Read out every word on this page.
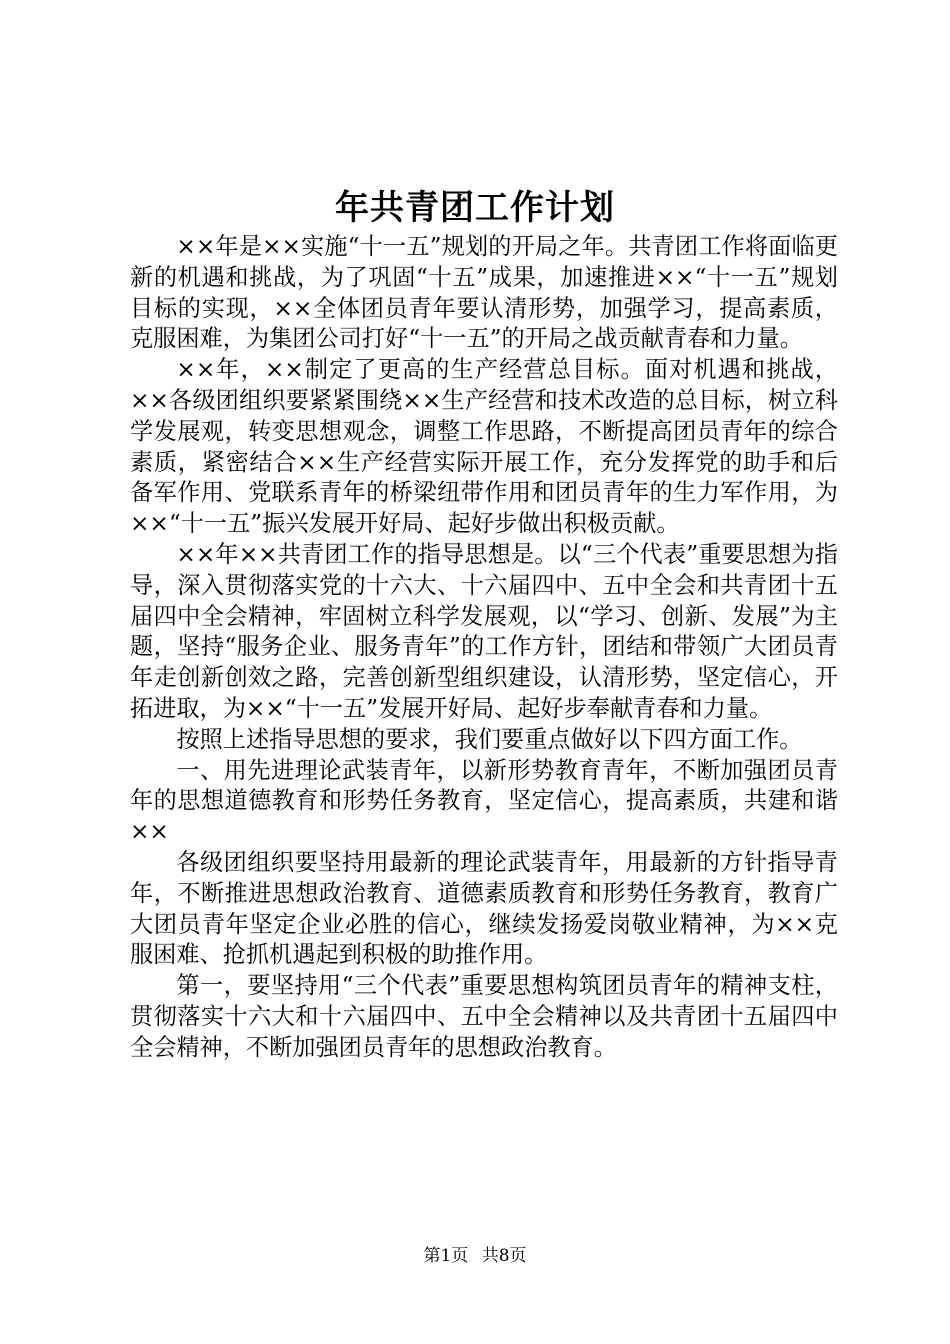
年共青团工作计划

××年是××实施“十一五”规划的开局之年。共青团工作将面临更新的机遇和挑战，为了巩固“十五”成果，加速推进××“十一五”规划目标的实现，××全体团员青年要认清形势，加强学习，提高素质，克服困难，为集团公司打好“十一五”的开局之战贡献青春和力量。

××年，××制定了更高的生产经营总目标。面对机遇和挑战，××各级团组织要紧紧围绕××生产经营和技术改造的总目标，树立科学发展观，转变思想观念，调整工作思路，不断提高团员青年的综合素质，紧密结合××生产经营实际开展工作，充分发挥党的助手和后备军作用、党联系青年的桥梁纽带作用和团员青年的生力军作用，为××“十一五”振兴发展开好局、起好步做出积极贡献。

××年××共青团工作的指导思想是。以“三个代表”重要思想为指导，深入贯彻落实党的十六大、十六届四中、五中全会和共青团十五届四中全会精神，牢固树立科学发展观，以“学习、创新、发展”为主题，坚持“服务企业、服务青年”的工作方针，团结和带领广大团员青年走创新创效之路，完善创新型组织建设，认清形势，坚定信心，开拓进取，为××“十一五”发展开好局、起好步奉献青春和力量。

按照上述指导思想的要求，我们要重点做好以下四方面工作。

一、用先进理论武装青年，以新形势教育青年，不断加强团员青年的思想道德教育和形势任务教育，坚定信心，提高素质，共建和谐××

各级团组织要坚持用最新的理论武装青年，用最新的方针指导青年，不断推进思想政治教育、道德素质教育和形势任务教育，教育广大团员青年坚定企业必胜的信心，继续发扬爱岗敬业精神，为××克服困难、抢抓机遇起到积极的助推作用。

第一，要坚持用“三个代表”重要思想构筑团员青年的精神支柱，贯彻落实十六大和十六届四中、五中全会精神以及共青团十五届四中全会精神，不断加强团员青年的思想政治教育。

第1页 共8页
